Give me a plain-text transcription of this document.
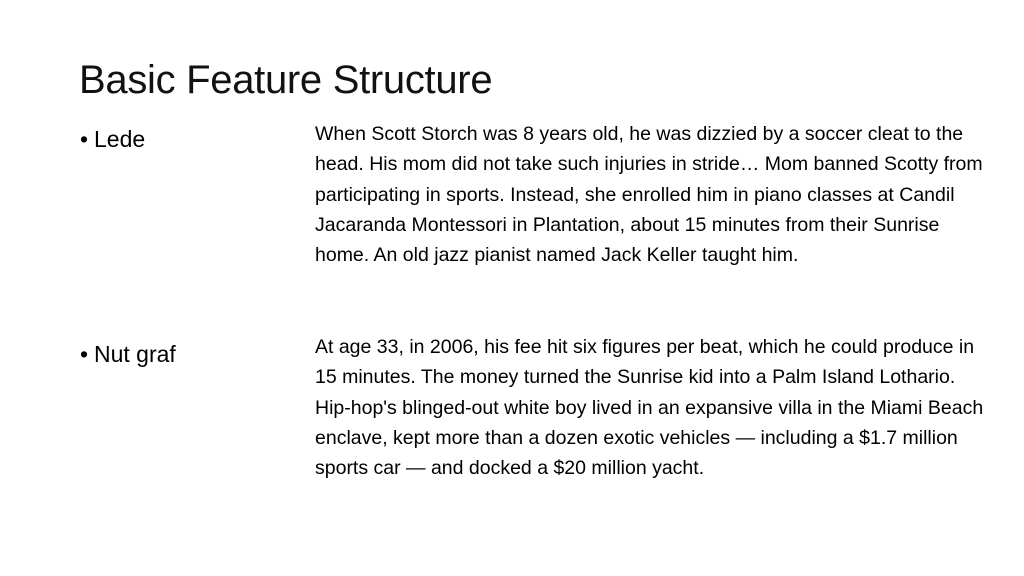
Basic Feature Structure
• Lede	When Scott Storch was 8 years old, he was dizzied by a soccer cleat to the head. His mom did not take such injuries in stride… Mom banned Scotty from participating in sports. Instead, she enrolled him in piano classes at Candil Jacaranda Montessori in Plantation, about 15 minutes from their Sunrise home. An old jazz pianist named Jack Keller taught him.
• Nut graf	At age 33, in 2006, his fee hit six figures per beat, which he could produce in 15 minutes. The money turned the Sunrise kid into a Palm Island Lothario. Hip-hop's blinged-out white boy lived in an expansive villa in the Miami Beach enclave, kept more than a dozen exotic vehicles — including a $1.7 million sports car — and docked a $20 million yacht.
